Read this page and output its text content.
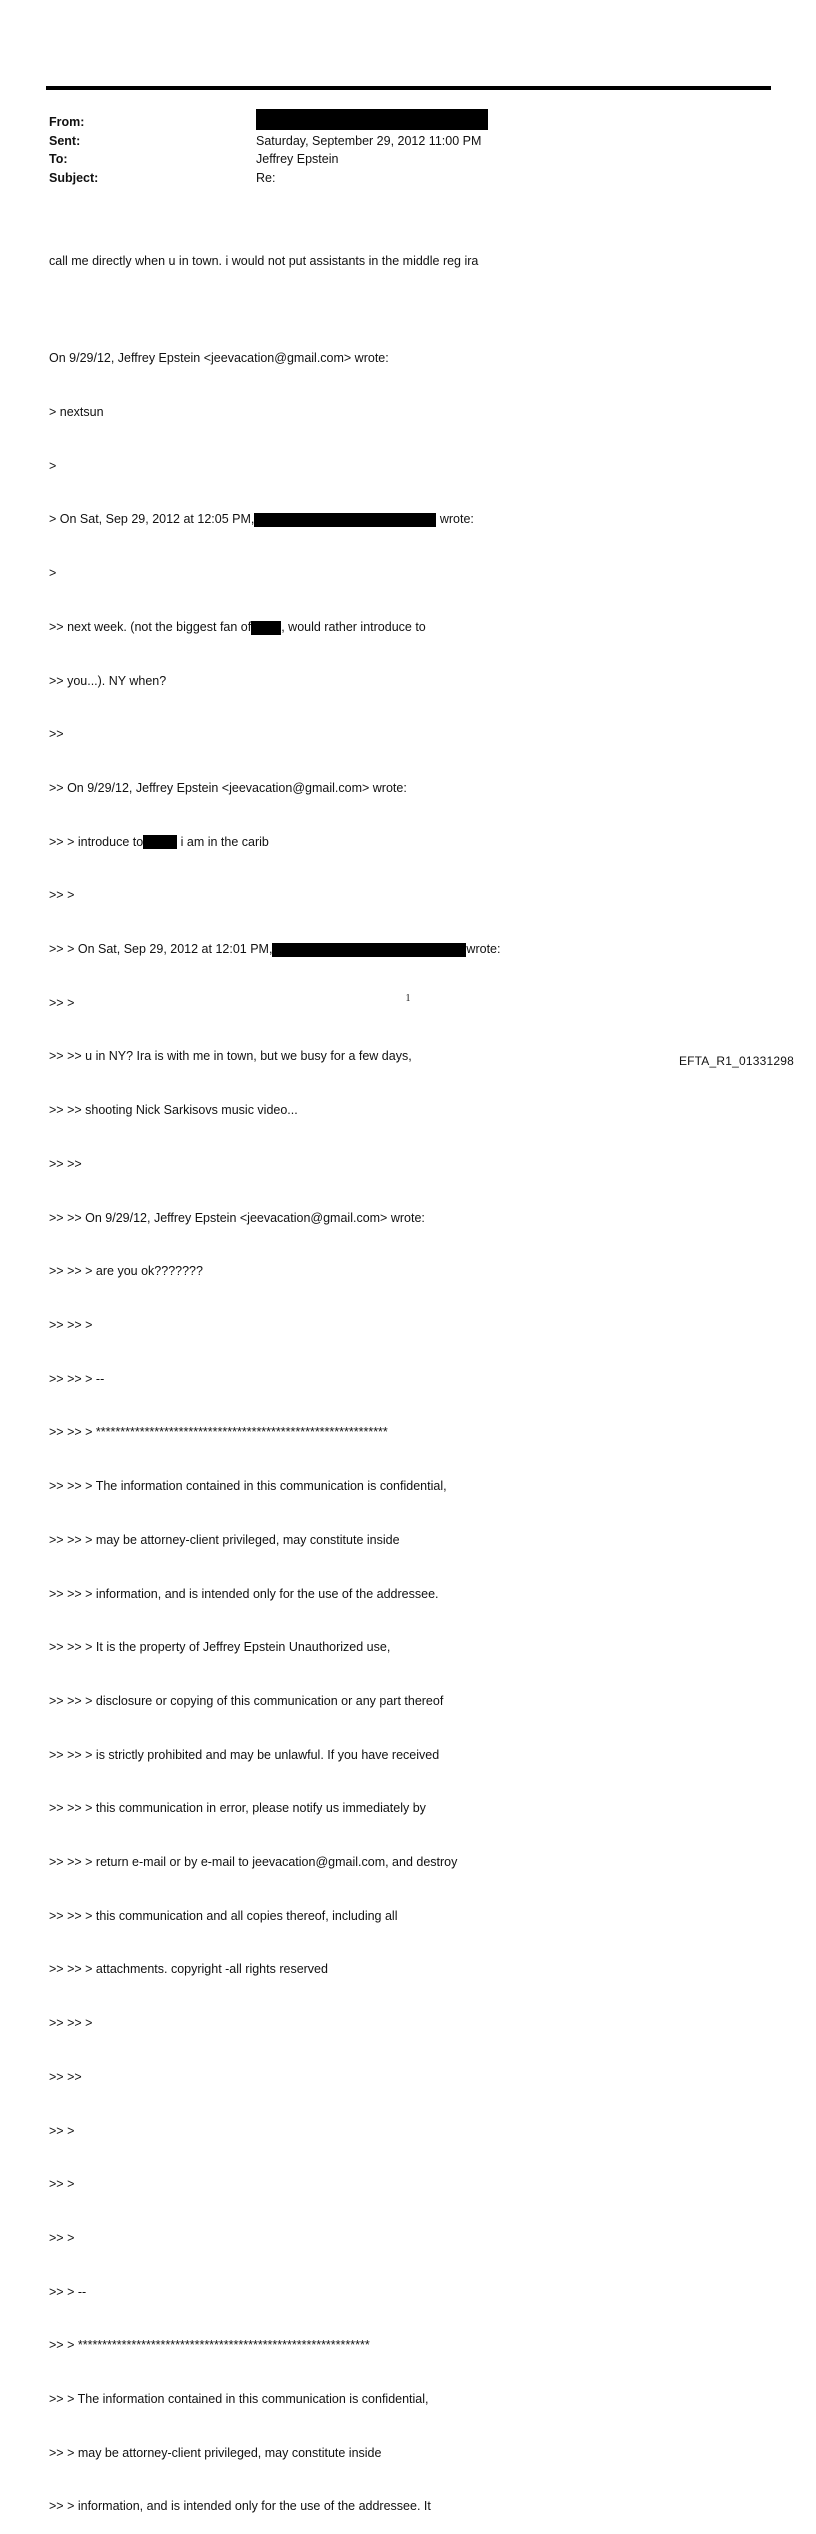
From:
Sent:	Saturday, September 29, 2012 11:00 PM
To:	Jeffrey Epstein
Subject:	Re:

call me directly when u in town. i would not put assistants in the middle reg ira

On 9/29/12, Jeffrey Epstein <jeevacation@gmail.com> wrote:

> nextsun

>

> On Sat, Sep 29, 2012 at 12:05 PM,	wrote:

>

>> next week. (not the biggest fan of , would rather introduce to

>> you...). NY when?

>>

>> On 9/29/12, Jeffrey Epstein <jeevacation@gmail.com> wrote:

>> > introduce to	i am in the carib

>> >

>> > On Sat, Sep 29, 2012 at 12:01 PM,	wrote:

>> >

>> >> u in NY? Ira is with me in town, but we busy for a few days,

>> >> shooting Nick Sarkisovs music video...

>> >>

>> >> On 9/29/12, Jeffrey Epstein <jeevacation@gmail.com> wrote:

>> >> > are you ok???????

>> >> >

>> >> > --

>> >> > ************************************************************

>> >> > The information contained in this communication is confidential,

>> >> > may be attorney-client privileged, may constitute inside

>> >> > information, and is intended only for the use of the addressee.

>> >> > It is the property of Jeffrey Epstein Unauthorized use,

>> >> > disclosure or copying of this communication or any part thereof

>> >> > is strictly prohibited and may be unlawful. If you have received

>> >> > this communication in error, please notify us immediately by

>> >> > return e-mail or by e-mail to jeevacation@gmail.com, and destroy

>> >> > this communication and all copies thereof, including all

>> >> > attachments. copyright -all rights reserved

>> >> >

>> >>

>> >

>> >

>> >

>> > --

>> > ************************************************************

>> > The information contained in this communication is confidential,

>> > may be attorney-client privileged, may constitute inside

>> > information, and is intended only for the use of the addressee. It

1
EFTA_R1_01331298
